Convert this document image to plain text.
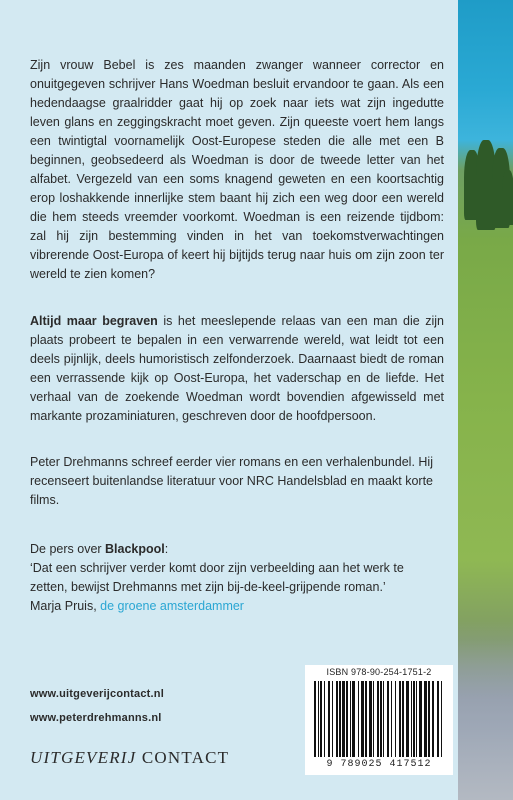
Zijn vrouw Bebel is zes maanden zwanger wanneer corrector en onuitgegeven schrijver Hans Woedman besluit ervandoor te gaan. Als een hedendaagse graalridder gaat hij op zoek naar iets wat zijn ingedutte leven glans en zeggingskracht moet geven. Zijn queeste voert hem langs een twintigtal voornamelijk Oost-Europese steden die alle met een B beginnen, geobsedeerd als Woedman is door de tweede letter van het alfabet. Vergezeld van een soms knagend geweten en een koortsachtig erop loshakkende innerlijke stem baant hij zich een weg door een wereld die hem steeds vreemder voorkomt. Woedman is een reizende tijdbom: zal hij zijn bestemming vinden in het van toekomstverwachtingen vibrerende Oost-Europa of keert hij bijtijds terug naar huis om zijn zoon ter wereld te zien komen?

Altijd maar begraven is het meeslepende relaas van een man die zijn plaats probeert te bepalen in een verwarrende wereld, wat leidt tot een deels pijnlijk, deels humoristisch zelfonderzoek. Daarnaast biedt de roman een verrassende kijk op Oost-Europa, het vaderschap en de liefde. Het verhaal van de zoekende Woedman wordt bovendien afgewisseld met markante prozaminiaturen, geschreven door de hoofdpersoon.

Peter Drehmanns schreef eerder vier romans en een verhalenbundel. Hij recenseert buitenlandse literatuur voor NRC Handelsblad en maakt korte films.

De pers over Blackpool:
‘Dat een schrijver verder komt door zijn verbeelding aan het werk te zetten, bewijst Drehmanns met zijn bij-de-keel-grijpende roman.’
Marja Pruis, de groene amsterdammer

ISBN 978-90-254-1751-2
9 789025 417512
www.uitgeverijcontact.nl
www.peterdrehmanns.nl
UITGEVERIJ CONTACT
